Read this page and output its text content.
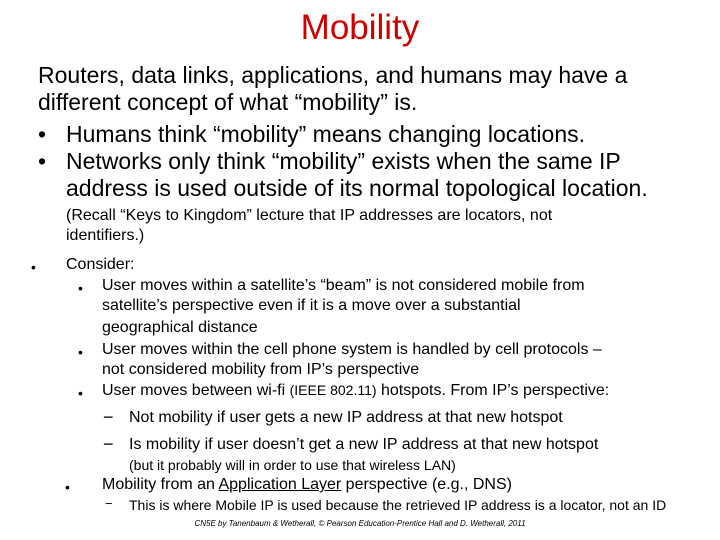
Mobility
Routers, data links, applications, and humans may have a
different concept of what “mobility” is.
• Humans think “mobility” means changing locations.
• Networks only think “mobility” exists when the same IP
address is used outside of its normal topological location.
(Recall “Keys to Kingdom” lecture that IP addresses are locators, not
identifiers.)
• Consider:
• User moves within a satellite’s “beam” is not considered mobile from
satellite’s perspective even if it is a move over a substantial
geographical distance
• User moves within the cell phone system is handled by cell protocols –
not considered mobility from IP’s perspective
• User moves between wi-fi (IEEE 802.11) hotspots. From IP’s perspective:
− Not mobility if user gets a new IP address at that new hotspot
− Is mobility if user doesn’t get a new IP address at that new hotspot
(but it probably will in order to use that wireless LAN)
• Mobility from an Application Layer perspective (e.g., DNS)
− This is where Mobile IP is used because the retrieved IP address is a locator, not an ID
CN5E by Tanenbaum & Wetherall, © Pearson Education-Prentice Hall and D. Wetherall, 2011
